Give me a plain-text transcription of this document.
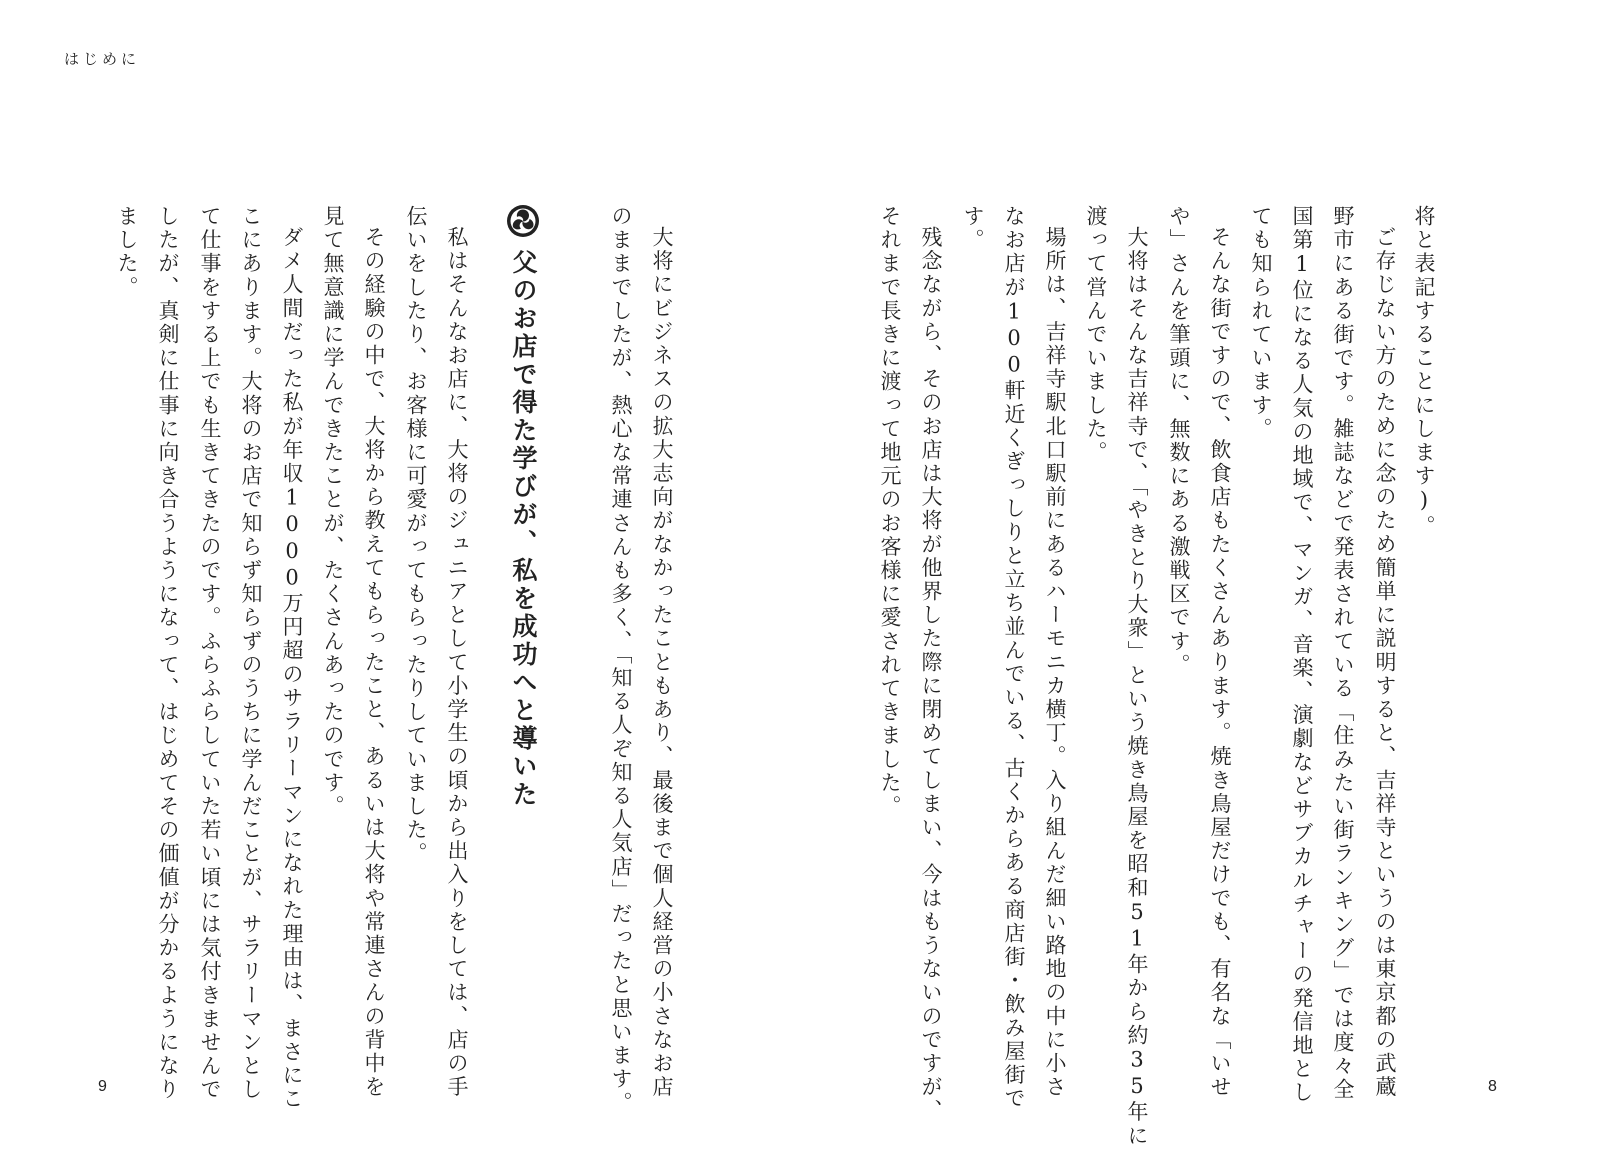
はじめに
将と表記することにします)。
ご存じない方のために念のため簡単に説明すると、吉祥寺というのは東京都の武蔵
野市にある街です。雑誌などで発表されている「住みたい街ランキング」では度々全
国第1位になる人気の地域で、マンガ、音楽、演劇などサブカルチャーの発信地とし
ても知られています。
そんな街ですので、飲食店もたくさんあります。焼き鳥屋だけでも、有名な「いせ
や」さんを筆頭に、無数にある激戦区です。
大将はそんな吉祥寺で、「やきとり大衆」という焼き鳥屋を昭和51年から約35年に
渡って営んでいました。
場所は、吉祥寺駅北口駅前にあるハーモニカ横丁。入り組んだ細い路地の中に小さ
なお店が100軒近くぎっしりと立ち並んでいる、古くからある商店街・飲み屋街で
す。
残念ながら、そのお店は大将が他界した際に閉めてしまい、今はもうないのですが、
それまで長きに渡って地元のお客様に愛されてきました。
大将にビジネスの拡大志向がなかったこともあり、最後まで個人経営の小さなお店
のままでしたが、熱心な常連さんも多く、「知る人ぞ知る人気店」だったと思います。
父のお店で得た学びが、私を成功へと導いた
私はそんなお店に、大将のジュニアとして小学生の頃から出入りをしては、店の手
伝いをしたり、お客様に可愛がってもらったりしていました。
その経験の中で、大将から教えてもらったこと、あるいは大将や常連さんの背中を
見て無意識に学んできたことが、たくさんあったのです。
ダメ人間だった私が年収1000万円超のサラリーマンになれた理由は、まさにこ
こにあります。大将のお店で知らず知らずのうちに学んだことが、サラリーマンとし
て仕事をする上でも生きてきたのです。ふらふらしていた若い頃には気付きませんで
したが、真剣に仕事に向き合うようになって、はじめてその価値が分かるようになり
ました。
8
9
